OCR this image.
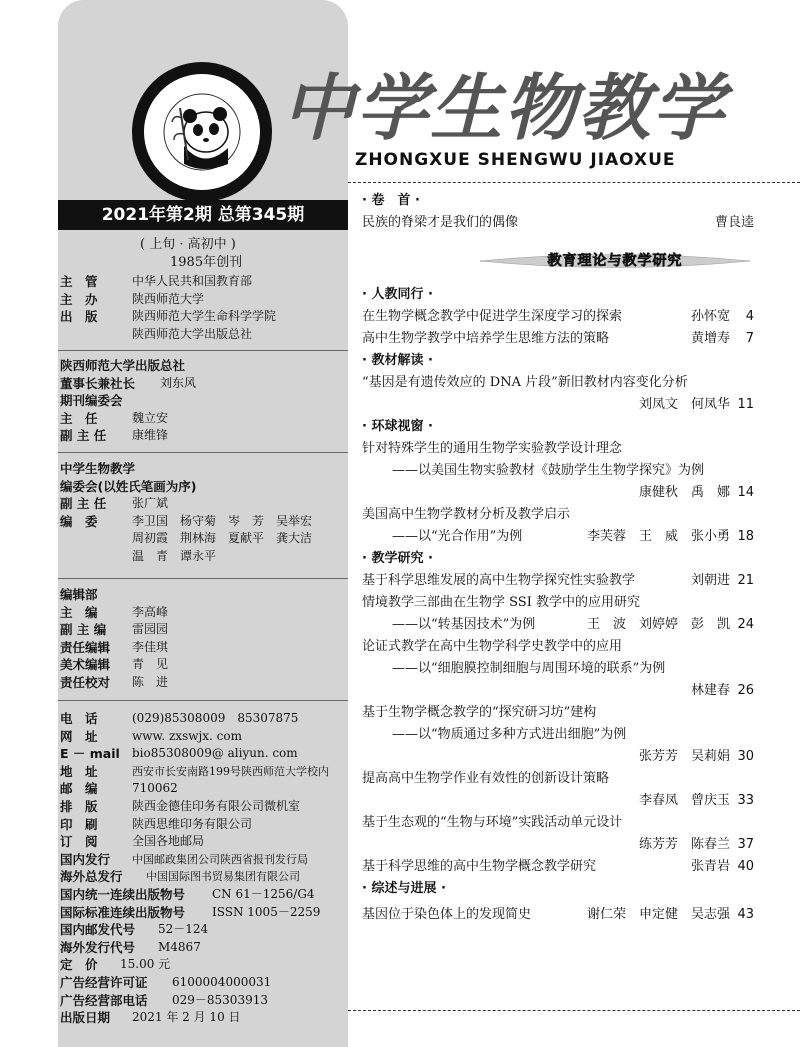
中学生物教学
TEACHING OF MIDDLE SCHOOL BIOLOGY
2021年第2期 总第345期
( 上旬 · 高初中 )
1985年创刊
主　管	中华人民共和国教育部
主　办	陕西师范大学
出　版	陕西师范大学生命科学学院
陕西师范大学出版总社
陕西师范大学出版总社
董事长兼社长	刘东风
期刊编委会
主　任	魏立安
副 主 任	康维锋
中学生物教学
编委会(以姓氏笔画为序)
副 主 任	张广斌
编　委	李卫国　杨守菊　岑　芳　吴举宏
周初霞　荆林海　夏献平　龚大洁
温　青　谭永平
编辑部
主　编	李高峰
副 主 编	雷园园
责任编辑	李佳琪
美术编辑	青　见
责任校对	陈　进
电　话	(029)85308009　85307875
网　址	www. zxswjx. com
E － mail	bio85308009@ aliyun. com
地　址	西安市长安南路199号陕西师范大学校内
邮　编	710062
排　版	陕西金德佳印务有限公司微机室
印　刷	陕西思维印务有限公司
订　阅	全国各地邮局
国内发行	中国邮政集团公司陕西省报刊发行局
海外总发行	中国国际图书贸易集团有限公司
国内统一连续出版物号	CN 61－1256/G4
国际标准连续出版物号	ISSN 1005－2259
国内邮发代号	52－124
海外发行代号	M4867
定　价	15.00 元
广告经营许可证	6100004000031
广告经营部电话	029－85303913
出版日期	2021 年 2 月 10 日
中学生物教学
ZHONGXUE SHENGWU JIAOXUE
· 卷　首 ·
民族的脊梁才是我们的偶像	曹良逵
教育理论与教学研究
· 人教同行 ·
在生物学概念教学中促进学生深度学习的探索	孙怀宽	4
高中生物学教学中培养学生思维方法的策略	黄增寿	7
· 教材解读 ·
“基因是有遗传效应的 DNA 片段”新旧教材内容变化分析
刘凤文　何凤华 11
· 环球视窗 ·
针对特殊学生的通用生物学实验教学设计理念
——以美国生物实验教材《鼓励学生生物学探究》为例
康健秋　禹　娜 14
美国高中生物学教材分析及教学启示
——以“光合作用”为例	李芙蓉　王　威　张小勇 18
· 教学研究 ·
基于科学思维发展的高中生物学探究性实验教学	刘朝进 21
情境教学三部曲在生物学 SSI 教学中的应用研究
——以“转基因技术”为例	王　波　刘婷婷　彭　凯 24
论证式教学在高中生物学科学史教学中的应用
——以“细胞膜控制细胞与周围环境的联系”为例
林建春 26
基于生物学概念教学的“探究研习坊”建构
——以“物质通过多种方式进出细胞”为例
张芳芳　吴莉娟 30
提高高中生物学作业有效性的创新设计策略
李春凤　曾庆玉 33
基于生态观的“生物与环境”实践活动单元设计
练芳芳　陈春兰 37
基于科学思维的高中生物学概念教学研究	张青岩 40
· 综述与进展 ·
基因位于染色体上的发现简史	谢仁荣　申定健　吴志强 43
